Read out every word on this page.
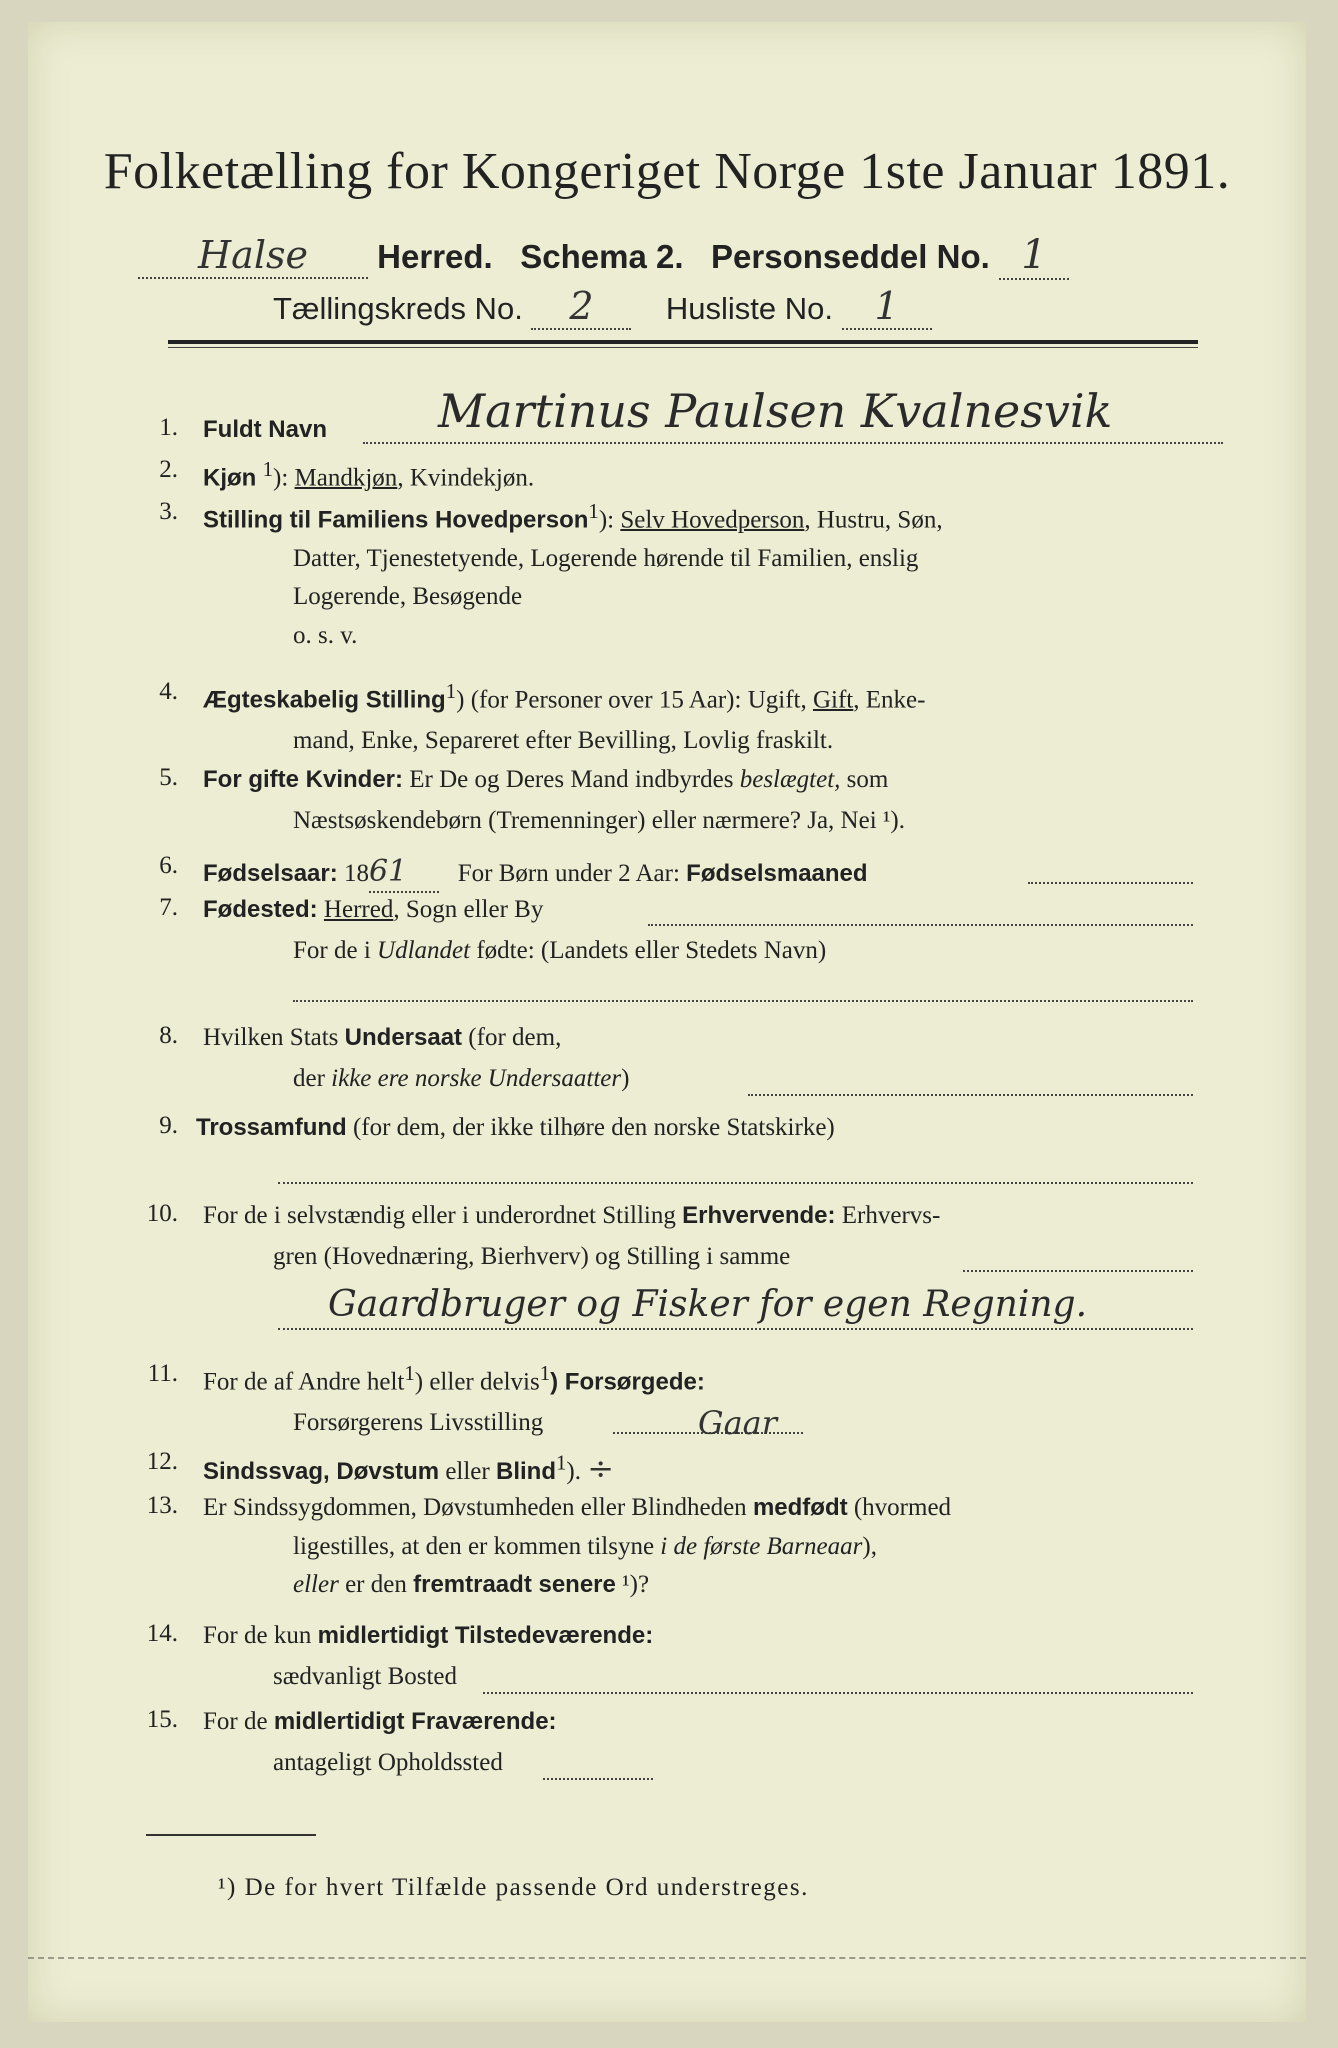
Folketælling for Kongeriget Norge 1ste Januar 1891.
Halse Herred. Schema 2. Personseddel No. 1
Tællingskreds No. 2 Husliste No. 1
1. Fuldt Navn Martinus Paulsen Kvalnesvik
2. Kjøn $^1$): Mandkjøn, Kvindekjøn.
3. Stilling til Familiens Hovedperson$^1$): Selv Hovedperson, Hustru, Søn,
Datter, Tjenestetyende, Logerende hørende til Familien, enslig
Logerende, Besøgende
o. s. v.
4. Ægteskabelig Stilling$^1$) (for Personer over 15 Aar): Ugift, Gift, Enke-
mand, Enke, Separeret efter Bevilling, Lovlig fraskilt.
5. For gifte Kvinder: Er De og Deres Mand indbyrdes beslægtet, som
Næstsøskendebørn (Tremenninger) eller nærmere? Ja, Nei ¹).
6. Fødselsaar: 1861 For Børn under 2 Aar: Fødselsmaaned
7. Fødested: Herred, Sogn eller By
For de i Udlandet fødte: (Landets eller Stedets Navn)
8. Hvilken Stats Undersaat (for dem,
der ikke ere norske Undersaatter)
9. Trossamfund (for dem, der ikke tilhøre den norske Statskirke)
10. For de i selvstændig eller i underordnet Stilling Erhvervende: Erhvervs-
gren (Hovednæring, Bierhverv) og Stilling i samme
Gaardbruger og Fisker for egen Regning.
11. For de af Andre helt$^1$) eller delvis$^1$) Forsørgede:
Forsørgerens Livsstilling	Gaar
12. Sindssvag, Døvstum eller Blind$^1$). ÷
13. Er Sindssygdommen, Døvstumheden eller Blindheden medfødt (hvormed
ligestilles, at den er kommen tilsyne i de første Barneaar),
eller er den fremtraadt senere ¹)?
14. For de kun midlertidigt Tilstedeværende:
sædvanligt Bosted
15. For de midlertidigt Fraværende:
antageligt Opholdssted
¹) De for hvert Tilfælde passende Ord understreges.
